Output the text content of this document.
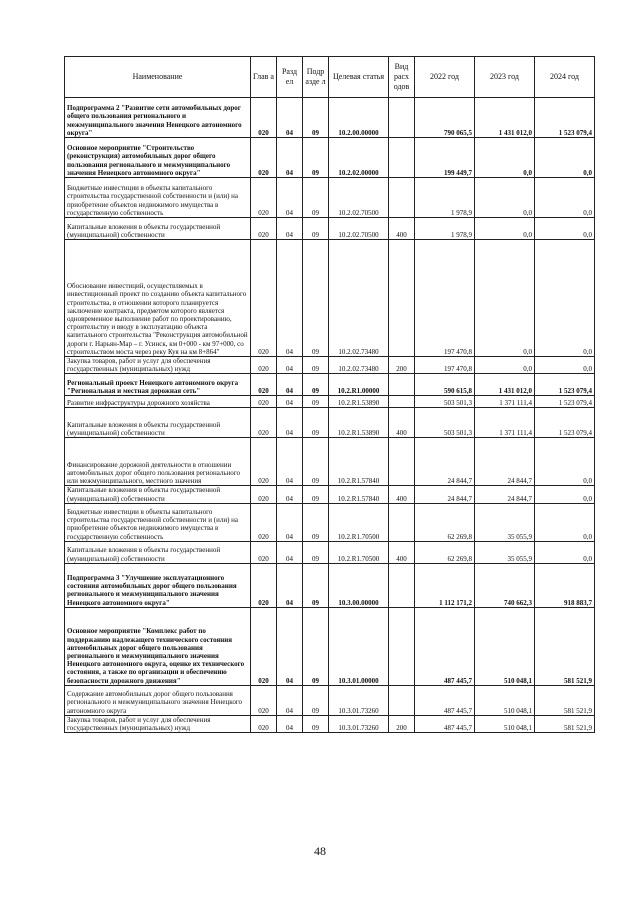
Наименование	Глав а	Разд ел	Подр азде л	Целевая статья	Вид расх одов	2022 год	2023 год	2024 год
Подпрограмма 2 "Развитие сети автомобильных дорог общего пользования регионального и межмуниципального значения Ненецкого автономного округа"	020	04	09	10.2.00.00000		790 065,5	1 431 012,0	1 523 079,4
Основное мероприятие "Строительство (реконструкция) автомобильных дорог общего пользования регионального и межмуниципального значения Ненецкого автономного округа"	020	04	09	10.2.02.00000		199 449,7	0,0	0,0
Бюджетные инвестиции в объекты капитального строительства государственной собственности и (или) на приобретение объектов недвижимого имущества в государственную собственность	020	04	09	10.2.02.70500		1 978,9	0,0	0,0
Капитальные вложения в объекты государственной (муниципальной) собственности	020	04	09	10.2.02.70500	400	1 978,9	0,0	0,0
Обоснование инвестиций, осуществляемых в инвестиционный проект по созданию объекта капитального строительства, в отношении которого планируется заключение контракта, предметом которого является одновременное выполнение работ по проектированию, строительству и вводу в эксплуатацию объекта капитального строительства "Реконструкция автомобильной дороги г. Нарьян-Мар – г. Усинск, км 0+000 - км 97+000, со строительством моста через реку Куя на км 8+864"	020	04	09	10.2.02.73480		197 470,8	0,0	0,0
Закупка товаров, работ и услуг для обеспечения государственных (муниципальных) нужд	020	04	09	10.2.02.73480	200	197 470,8	0,0	0,0
Региональный проект Ненецкого автономного округа "Региональная и местная дорожная сеть"	020	04	09	10.2.R1.00000		590 615,8	1 431 012,0	1 523 079,4
Развитие инфраструктуры дорожного хозяйства	020	04	09	10.2.R1.53890		503 501,3	1 371 111,4	1 523 079,4
Капитальные вложения в объекты государственной (муниципальной) собственности	020	04	09	10.2.R1.53890	400	503 501,3	1 371 111,4	1 523 079,4
Финансирование дорожной деятельности в отношении автомобильных дорог общего пользования регионального или межмуниципального, местного значения	020	04	09	10.2.R1.57840		24 844,7	24 844,7	0,0
Капитальные вложения в объекты государственной (муниципальной) собственности	020	04	09	10.2.R1.57840	400	24 844,7	24 844,7	0,0
Бюджетные инвестиции в объекты капитального строительства государственной собственности и (или) на приобретение объектов недвижимого имущества в государственную собственность	020	04	09	10.2.R1.70500		62 269,8	35 055,9	0,0
Капитальные вложения в объекты государственной (муниципальной) собственности	020	04	09	10.2.R1.70500	400	62 269,8	35 055,9	0,0
Подпрограмма 3 "Улучшение эксплуатационного состояния автомобильных дорог общего пользования регионального и межмуниципального значения Ненецкого автономного округа"	020	04	09	10.3.00.00000		1 112 171,2	740 662,3	918 883,7
Основное мероприятие "Комплекс работ по поддержанию надлежащего технического состояния автомобильных дорог общего пользования регионального и межмуниципального значения Ненецкого автономного округа, оценке их технического состояния, а также по организации и обеспечению безопасности дорожного движения"	020	04	09	10.3.01.00000		487 445,7	510 048,1	581 521,9
Содержание автомобильных дорог общего пользования регионального и межмуниципального значения Ненецкого автономного округа	020	04	09	10.3.01.73260		487 445,7	510 048,1	581 521,9
Закупка товаров, работ и услуг для обеспечения государственных (муниципальных) нужд	020	04	09	10.3.01.73260	200	487 445,7	510 048,1	581 521,9
48
